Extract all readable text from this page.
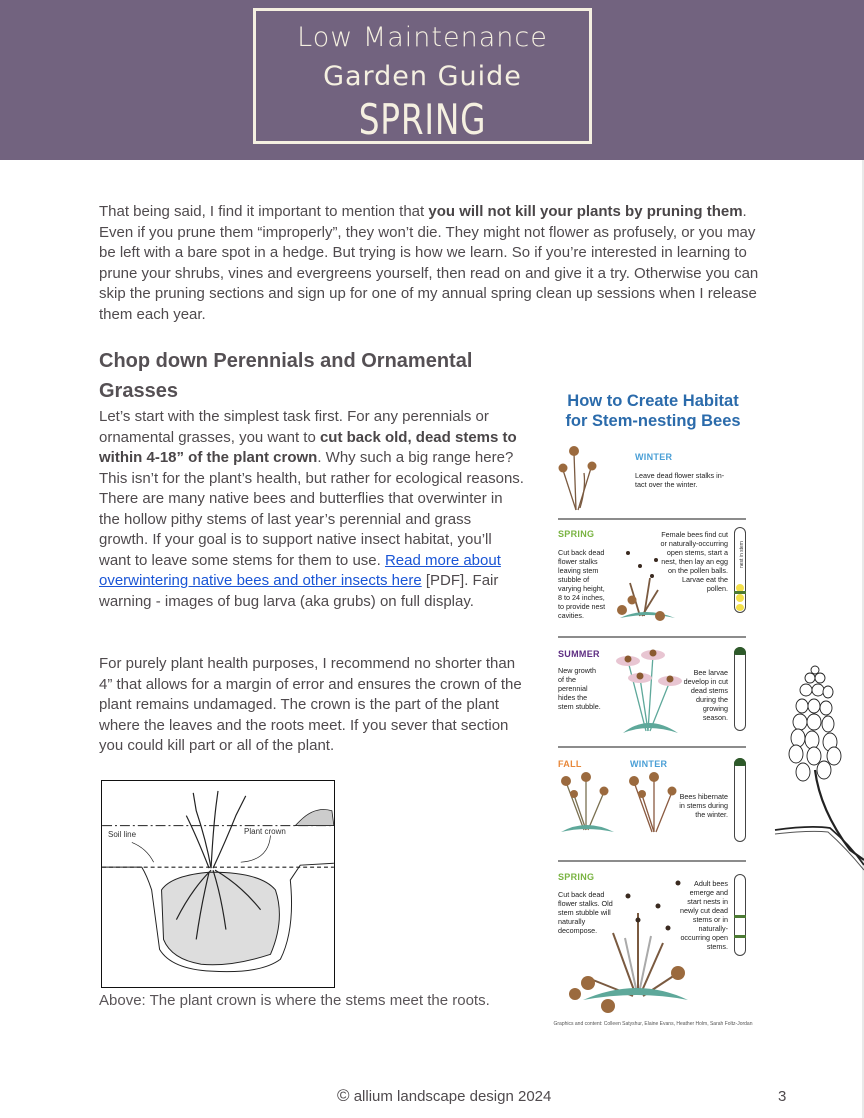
Low Maintenance
Garden Guide
SPRING

That being said, I find it important to mention that you will not kill your plants by pruning them. Even if you prune them “improperly”, they won’t die. They might not flower as profusely, or you may be left with a bare spot in a hedge. But trying is how we learn. So if you’re interested in learning to prune your shrubs, vines and evergreens yourself, then read on and give it a try. Otherwise you can skip the pruning sections and sign up for one of my annual spring clean up sessions when I release them each year.

Chop down Perennials and Ornamental Grasses

Let’s start with the simplest task first. For any perennials or ornamental grasses, you want to cut back old, dead stems to within 4-18” of the plant crown. Why such a big range here? This isn’t for the plant’s health, but rather for ecological reasons. There are many native bees and butterflies that overwinter in the hollow pithy stems of last year’s perennial and grass growth. If your goal is to support native insect habitat, you’ll want to leave some stems for them to use. Read more about overwintering native bees and other insects here [PDF]. Fair warning - images of bug larva (aka grubs) on full display.

For purely plant health purposes, I recommend no shorter than 4” that allows for a margin of error and ensures the crown of the plant remains undamaged. The crown is the part of the plant where the leaves and the roots meet. If you sever that section you could kill part or all of the plant.

Soil line	Plant crown

Above: The plant crown is where the stems meet the roots.

How to Create Habitat
for Stem-nesting Bees
WINTER
Leave dead flower stalks in-tact over the winter.
SPRING
Cut back dead flower stalks leaving stem stubble of varying height, 8 to 24 inches, to provide nest cavities.
Female bees find cut or naturally-occurring open stems, start a nest, then lay an egg on the pollen balls. Larvae eat the pollen.
nest in stem
SUMMER
New growth of the perennial hides the stem stubble.
Bee larvae develop in cut dead stems during the growing season.
FALL	WINTER
Bees hibernate in stems during the winter.
SPRING
Cut back dead flower stalks. Old stem stubble will naturally decompose.
Adult bees emerge and start nests in newly cut dead stems or in naturally-occurring open stems.
Graphics and content: Colleen Satyshur, Elaine Evans, Heather Holm, Sarah Foltz-Jordan
© allium landscape design 2024	3
